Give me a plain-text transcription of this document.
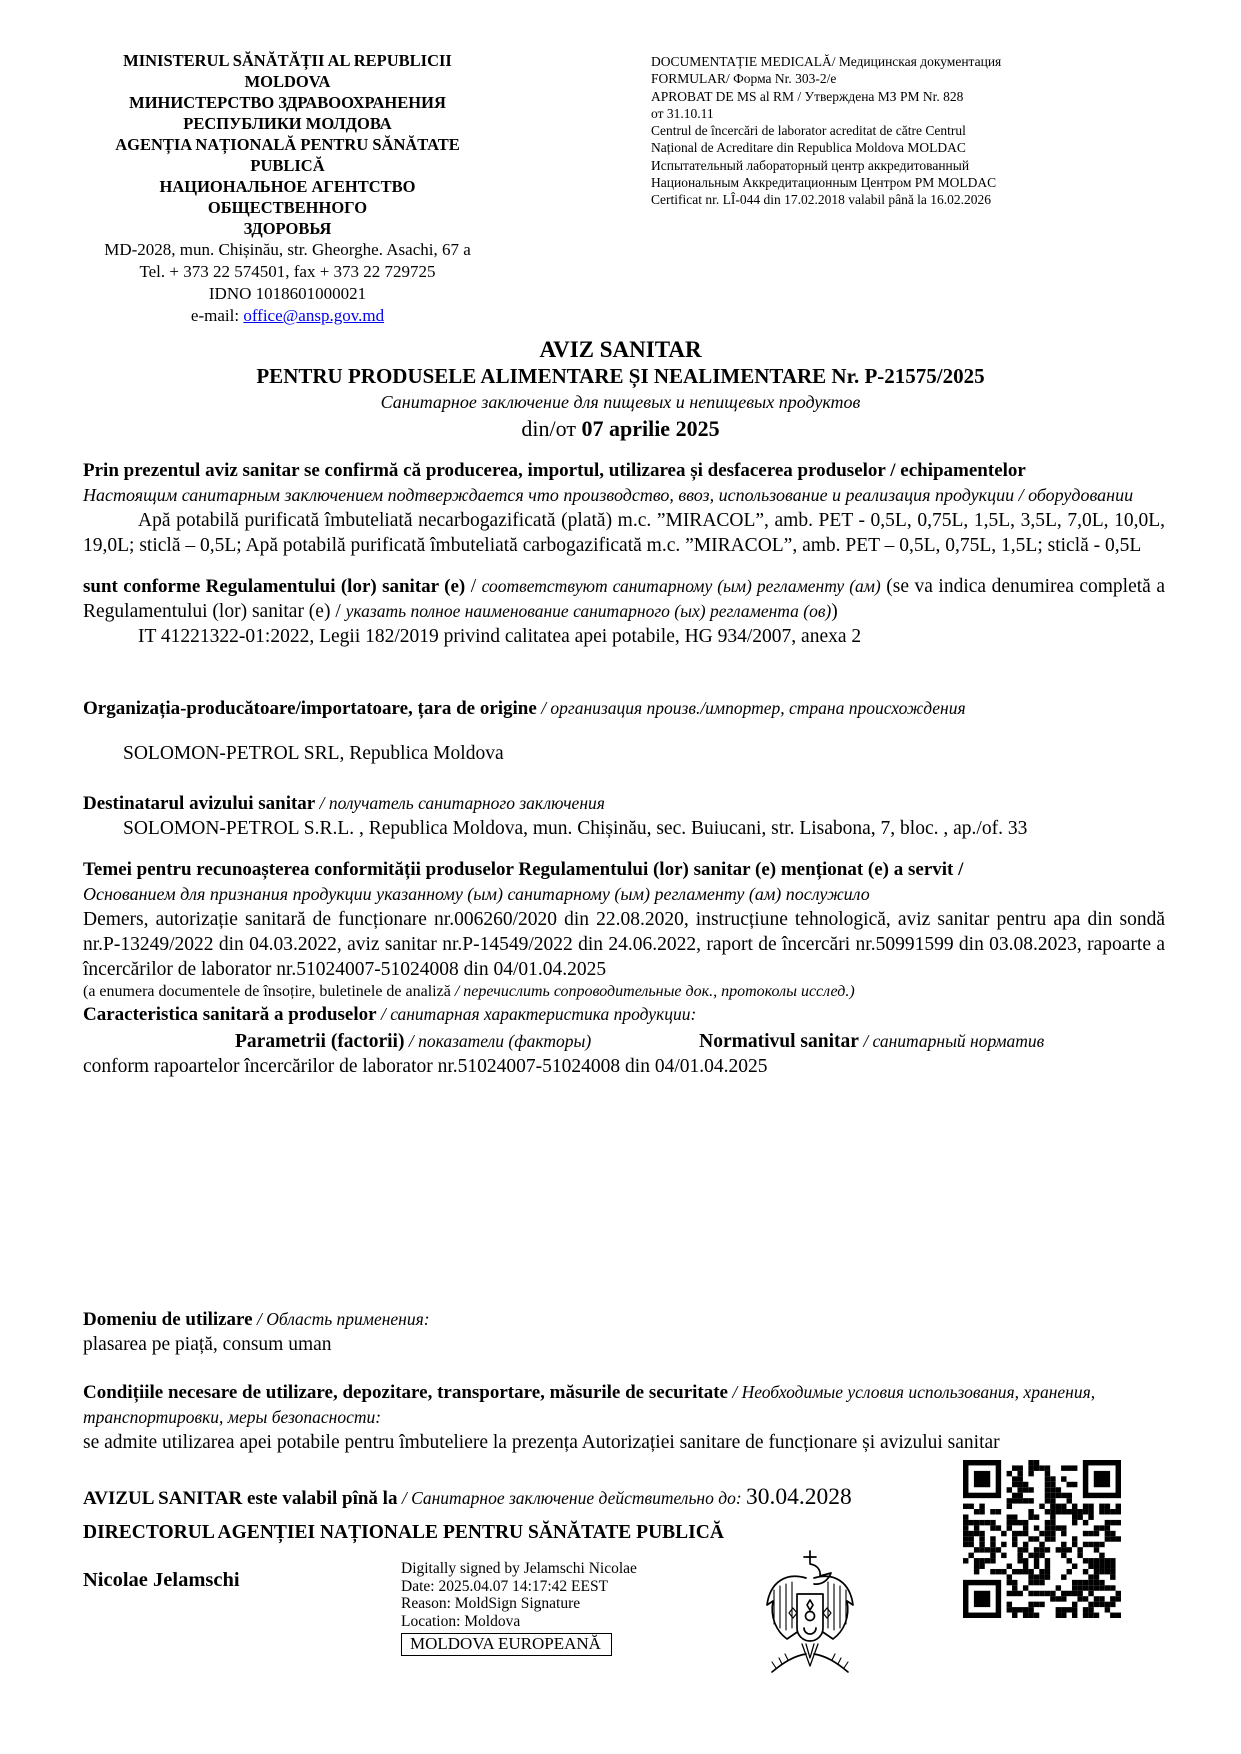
MINISTERUL SĂNĂTĂȚII AL REPUBLICII MOLDOVA
МИНИСТЕРСТВО ЗДРАВООХРАНЕНИЯ
РЕСПУБЛИКИ МОЛДОВА
AGENȚIA NAȚIONALĂ PENTRU SĂNĂTATE PUBLICĂ
НАЦИОНАЛЬНОЕ АГЕНТСТВО ОБЩЕСТВЕННОГО
ЗДОРОВЬЯ
MD-2028, mun. Chișinău, str. Gheorghe. Asachi, 67 a
Tel. + 373 22 574501, fax + 373 22 729725
IDNO 1018601000021
e-mail: office@ansp.gov.md
DOCUMENTAȚIE MEDICALĂ/ Медицинская документация
FORMULAR/ Форма Nr. 303-2/e
APROBAT DE MS al RM / Утверждена МЗ РМ Nr. 828
от 31.10.11
Centrul de încercări de laborator acreditat de către Centrul
Național de Acreditare din Republica Moldova MOLDAC
Испытательный лабораторный центр аккредитованный
Национальным Аккредитационным Центром РМ MOLDAC
Certificat nr. LÎ-044 din 17.02.2018 valabil până la 16.02.2026
AVIZ SANITAR
PENTRU PRODUSELE ALIMENTARE ȘI NEALIMENTARE Nr. P-21575/2025
Санитарное заключение для пищевых и непищевых продуктов
din/от 07 aprilie 2025
Prin prezentul aviz sanitar se confirmă că producerea, importul, utilizarea și desfacerea produselor / echipamentelor
Настоящим санитарным заключением подтверждается что производство, ввоз, использование и реализация продукции / оборудовании
Apă potabilă purificată îmbuteliată necarbogazificată (plată) m.c. ”MIRACOL”, amb. PET - 0,5L, 0,75L, 1,5L, 3,5L, 7,0L, 10,0L, 19,0L; sticlă – 0,5L; Apă potabilă purificată îmbuteliată carbogazificată m.c. ”MIRACOL”, amb. PET – 0,5L, 0,75L, 1,5L; sticlă - 0,5L
sunt conforme Regulamentului (lor) sanitar (e) / соответствуют санитарному (ым) регламенту (ам) (se va indica denumirea completă a Regulamentului (lor) sanitar (e) / указать полное наименование санитарного (ых) регламента (ов))
IT 41221322-01:2022, Legii 182/2019 privind calitatea apei potabile, HG 934/2007, anexa 2
Organizația-producătoare/importatoare, țara de origine / организация произв./импортер, страна происхождения
SOLOMON-PETROL SRL, Republica Moldova
Destinatarul avizului sanitar / получатель санитарного заключения
SOLOMON-PETROL S.R.L. , Republica Moldova, mun. Chișinău, sec. Buiucani, str. Lisabona, 7, bloc. , ap./of. 33
Temei pentru recunoașterea conformității produselor Regulamentului (lor) sanitar (e) menționat (e) a servit /
Основанием для признания продукции указанному (ым) санитарному (ым) регламенту (ам) послужило
Demers, autorizație sanitară de funcționare nr.006260/2020 din 22.08.2020, instrucțiune tehnologică, aviz sanitar pentru apa din sondă nr.P-13249/2022 din 04.03.2022, aviz sanitar nr.P-14549/2022 din 24.06.2022, raport de încercări nr.50991599 din 03.08.2023, rapoarte a încercărilor de laborator nr.51024007-51024008 din 04/01.04.2025
(a enumera documentele de însoțire, buletinele de analiză / перечислить сопроводительные док., протоколы исслед.)
Caracteristica sanitară a produselor / санитарная характеристика продукции:
Parametrii (factorii) / показатели (факторы)	Normativul sanitar / санитарный норматив
conform rapoartelor încercărilor de laborator nr.51024007-51024008 din 04/01.04.2025
Domeniu de utilizare / Область применения:
plasarea pe piață, consum uman
Condițiile necesare de utilizare, depozitare, transportare, măsurile de securitate / Необходимые условия использования, хранения,
транспортировки, меры безопасности:
se admite utilizarea apei potabile pentru îmbuteliere la prezența Autorizației sanitare de funcționare și avizului sanitar
AVIZUL SANITAR este valabil pînă la / Санитарное заключение действительно до: 30.04.2028
DIRECTORUL AGENȚIEI NAȚIONALE PENTRU SĂNĂTATE PUBLICĂ
Nicolae Jelamschi
Digitally signed by Jelamschi Nicolae
Date: 2025.04.07 14:17:42 EEST
Reason: MoldSign Signature
Location: Moldova
MOLDOVA EUROPEANĂ
